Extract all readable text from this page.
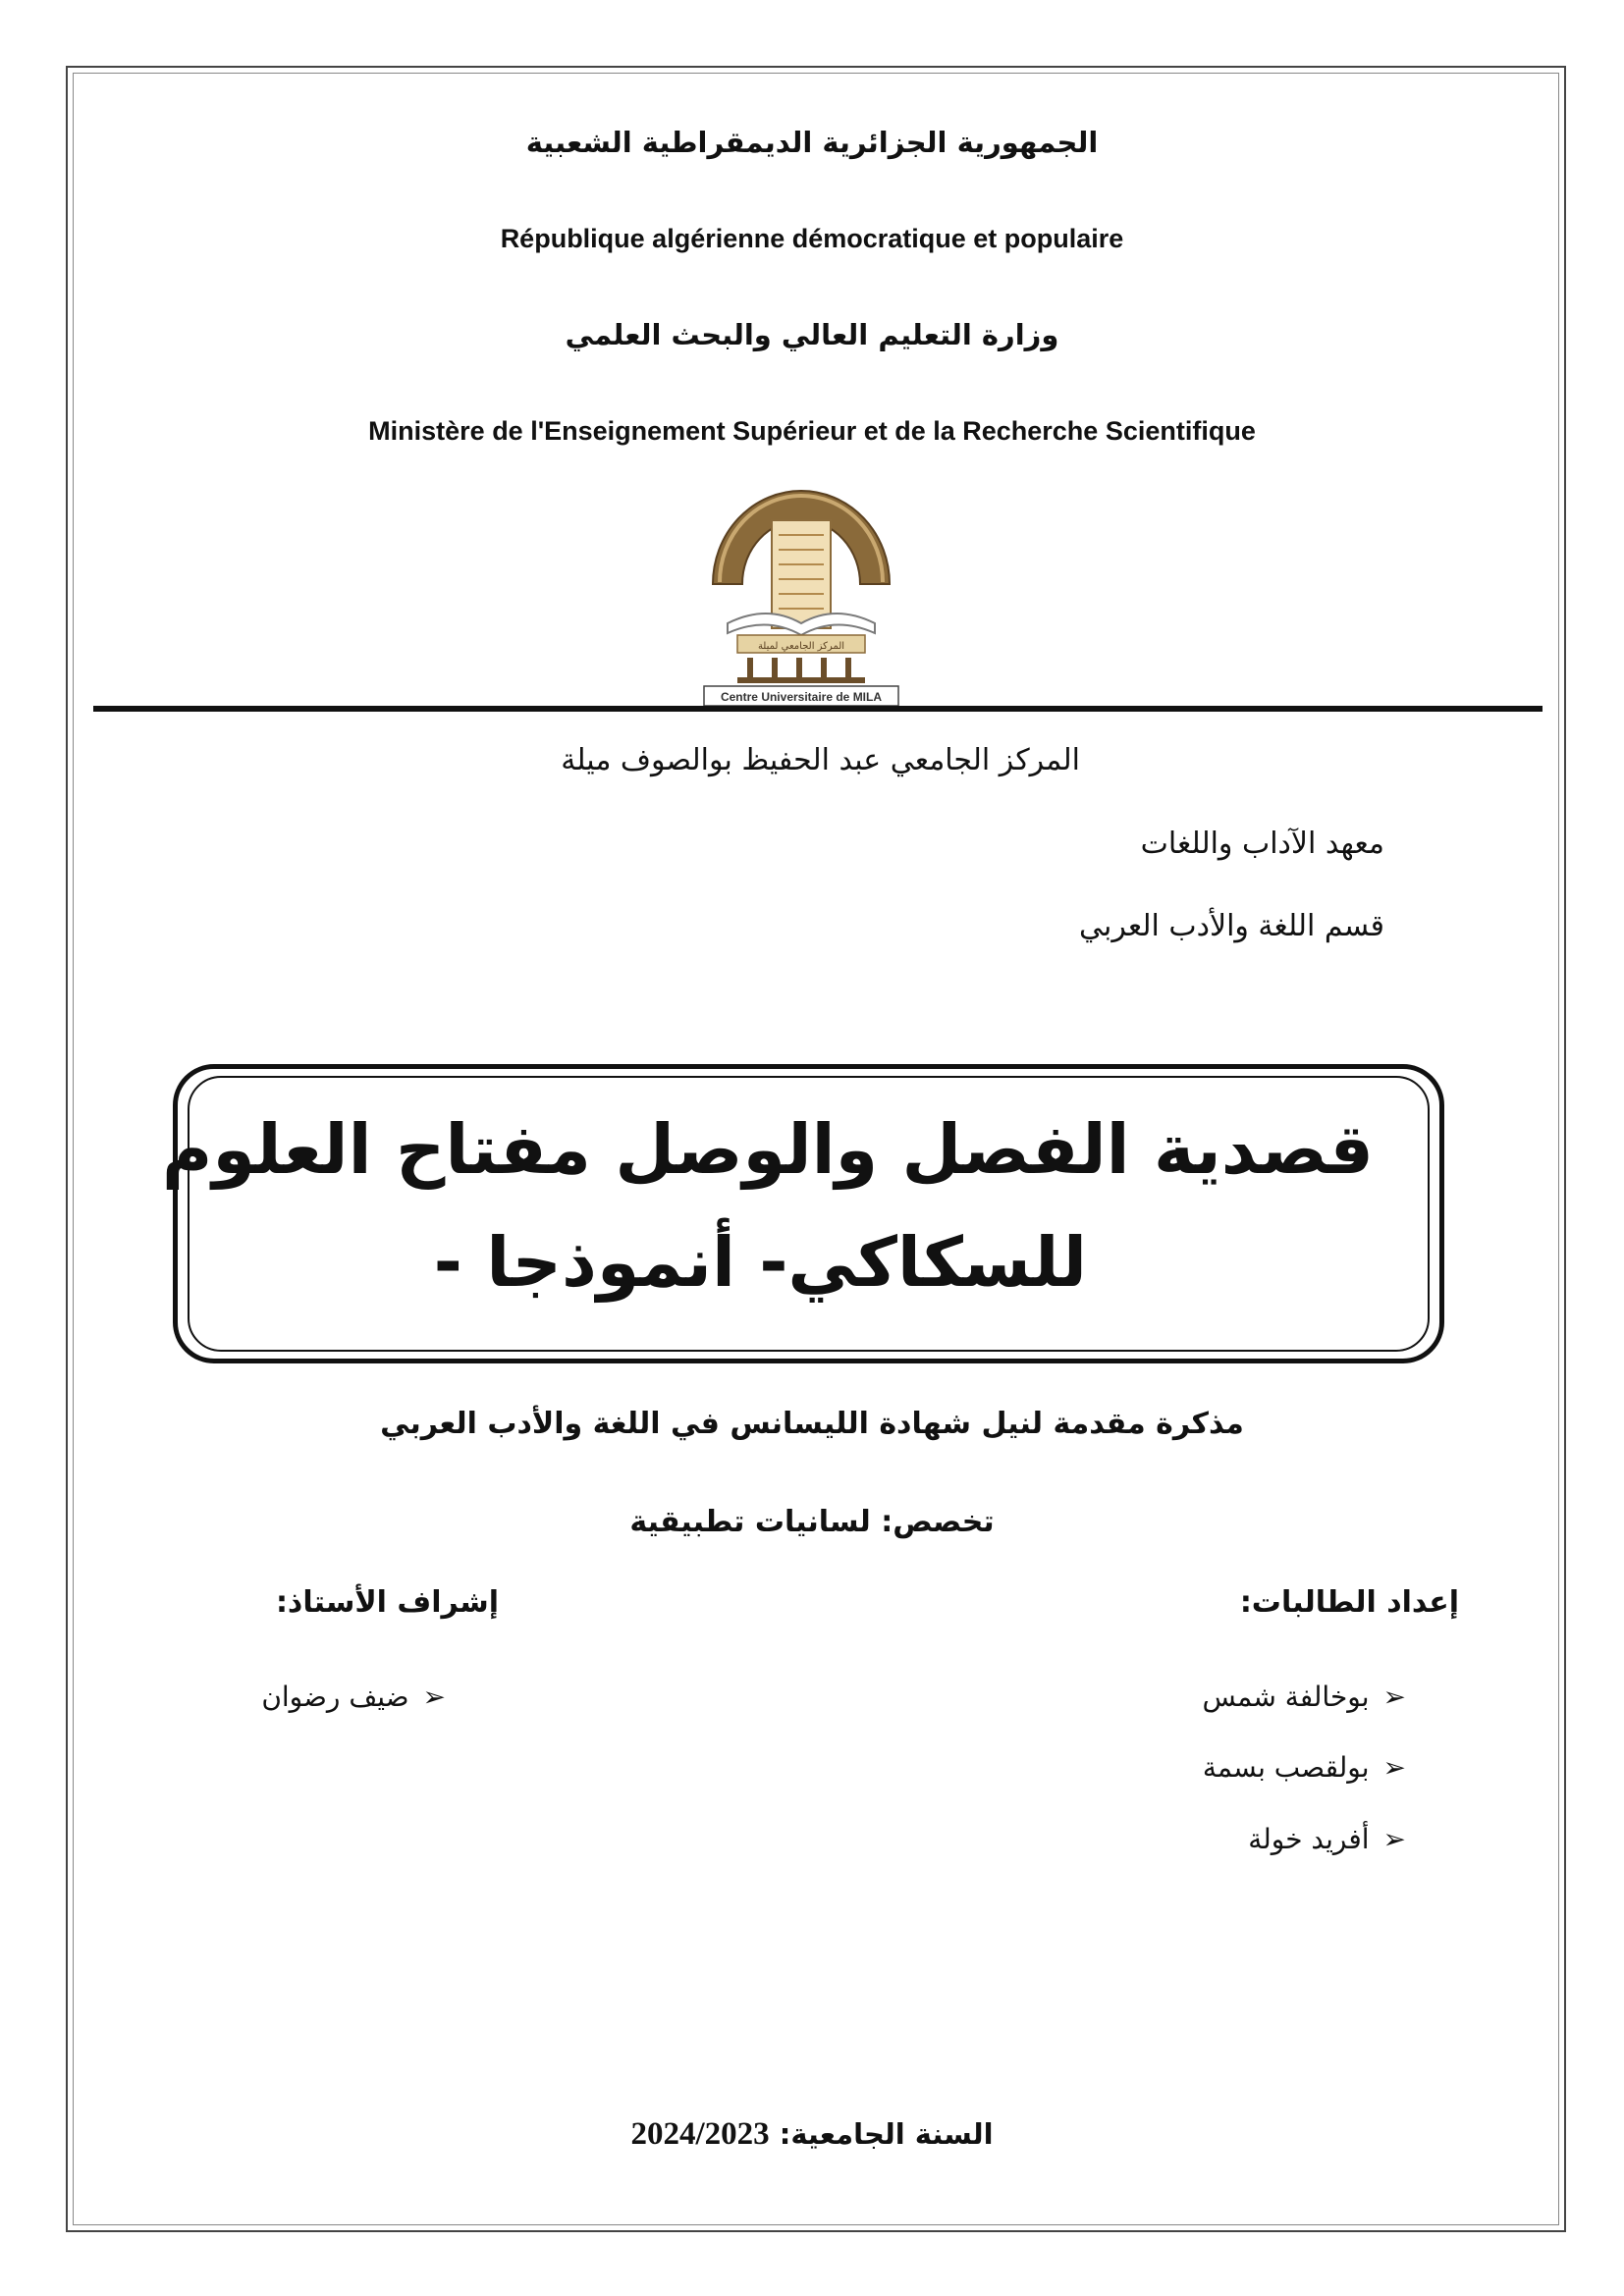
الجمهورية الجزائرية الديمقراطية الشعبية
République algérienne démocratique et populaire
وزارة التعليم العالي والبحث العلمي
Ministère de l'Enseignement Supérieur et de la Recherche Scientifique
المركز الجامعي لميلة
Centre Universitaire de MILA
المركز الجامعي عبد الحفيظ بوالصوف ميلة
معهد الآداب واللغات
قسم اللغة والأدب العربي
قصدية الفصل والوصل مفتاح العلوم
للسكاكي- أنموذجا -
مذكرة مقدمة لنيل شهادة الليسانس في اللغة والأدب العربي
تخصص: لسانيات تطبيقية
إعداد الطالبات:
➢بوخالفة شمس
➢بولقصب بسمة
➢أفريد خولة
إشراف الأستاذ:
➢ضيف رضوان
السنة الجامعية: 2024/2023
